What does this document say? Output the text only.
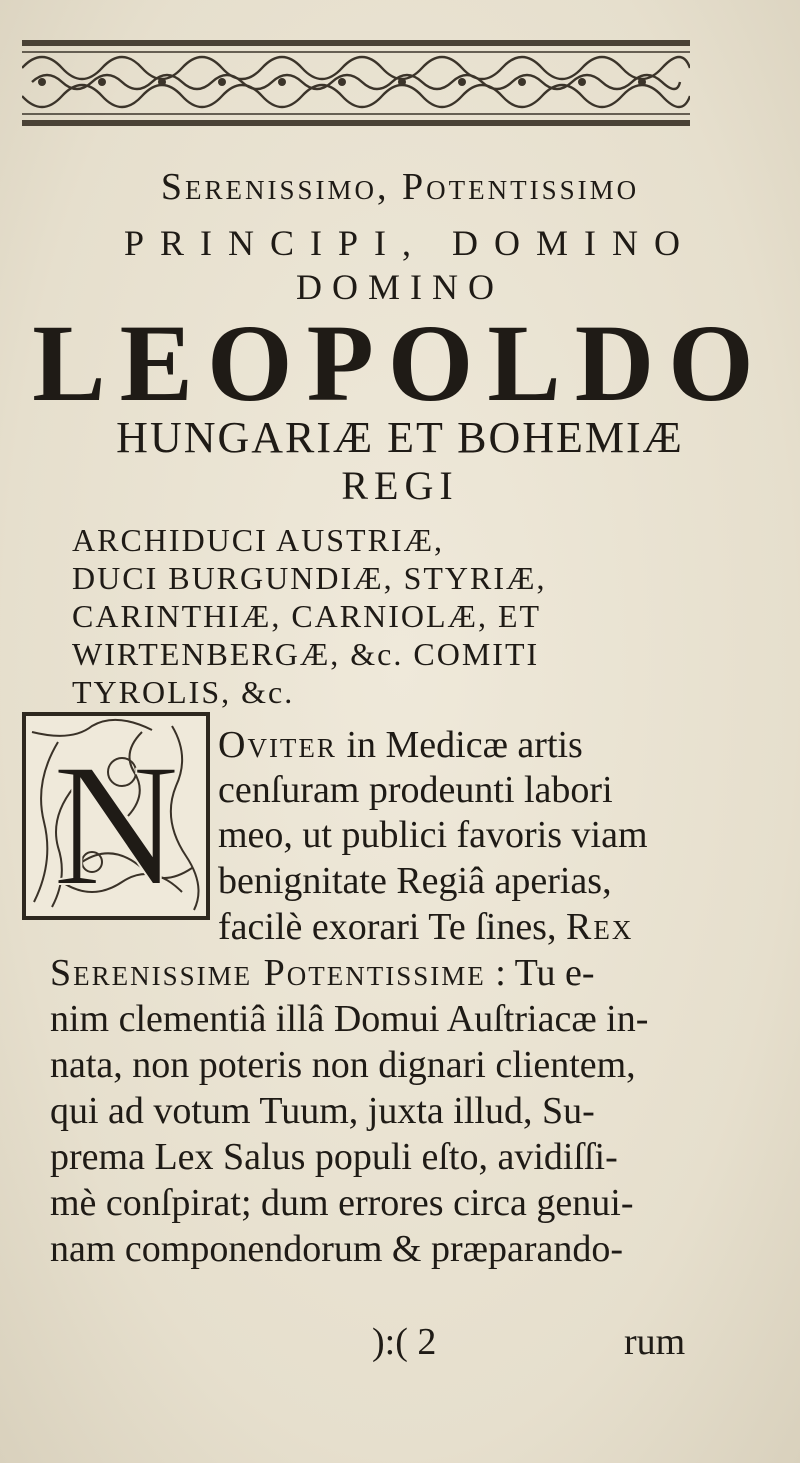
Serenissimo, Potentissimo
PRINCIPI, DOMINO
DOMINO
LEOPOLDO
HUNGARIÆ ET BOHEMIÆ
REGI
ARCHIDUCI AUSTRIÆ,
DUCI BURGUNDIÆ, STYRIÆ,
CARINTHIÆ, CARNIOLÆ, ET
WIRTENBERGÆ, &c. COMITI
TYROLIS, &c.
N Oviter in Medicæ artis
cenſuram prodeunti labori
meo, ut publici favoris viam
benignitate Regiâ aperias,
facilè exorari Te ſines, Rex
Serenissime Potentissime : Tu e-
nim clementiâ illâ Domui Auſtriacæ in-
nata, non poteris non dignari clientem,
qui ad votum Tuum, juxta illud, Su-
prema Lex Salus populi eſto, avidiſſi-
mè conſpirat; dum errores circa genui-
nam componendorum & præparando-
):( 2	rum
